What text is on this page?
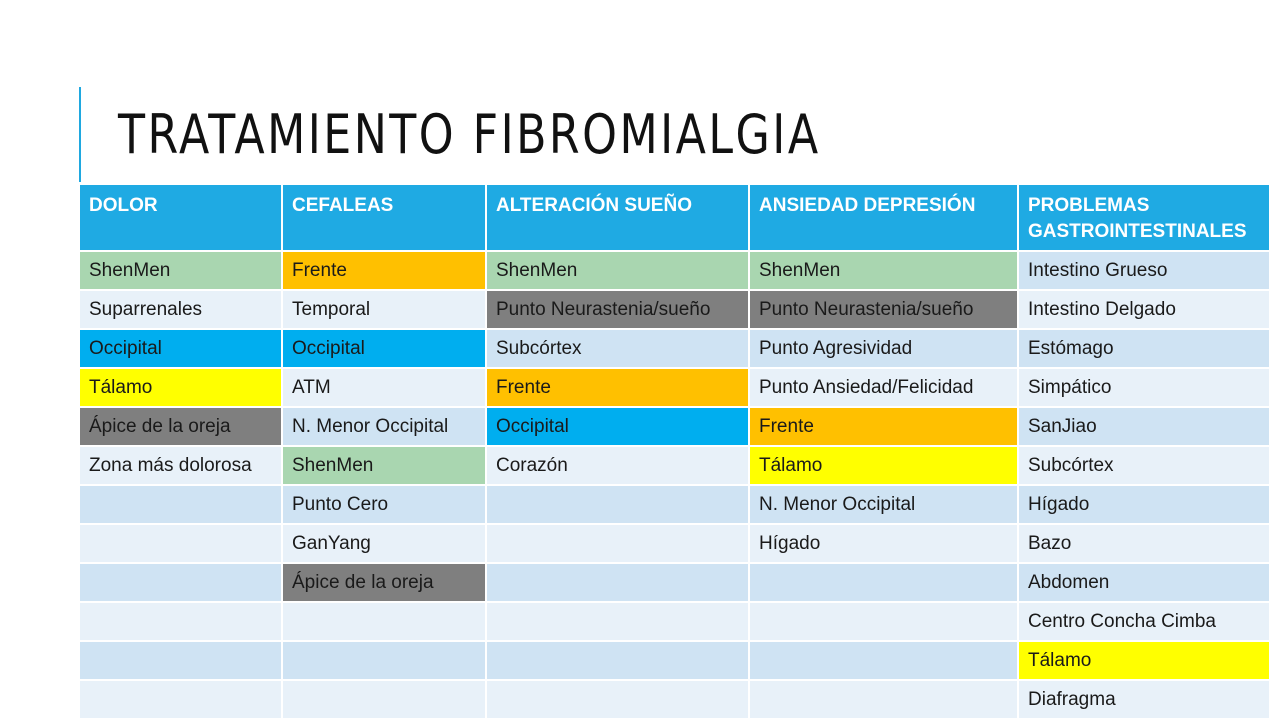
TRATAMIENTO FIBROMIALGIA
DOLOR	CEFALEAS	ALTERACIÓN SUEÑO	ANSIEDAD DEPRESIÓN	PROBLEMAS GASTROINTESTINALES
ShenMen	Frente	ShenMen	ShenMen	Intestino Grueso
Suparrenales	Temporal	Punto Neurastenia/sueño	Punto Neurastenia/sueño	Intestino Delgado
Occipital	Occipital	Subcórtex	Punto Agresividad	Estómago
Tálamo	ATM	Frente	Punto Ansiedad/Felicidad	Simpático
Ápice de la oreja	N. Menor Occipital	Occipital	Frente	SanJiao
Zona más dolorosa	ShenMen	Corazón	Tálamo	Subcórtex
	Punto Cero		N. Menor Occipital	Hígado
	GanYang		Hígado	Bazo
	Ápice de la oreja			Abdomen
				Centro Concha Cimba
				Tálamo
				Diafragma
